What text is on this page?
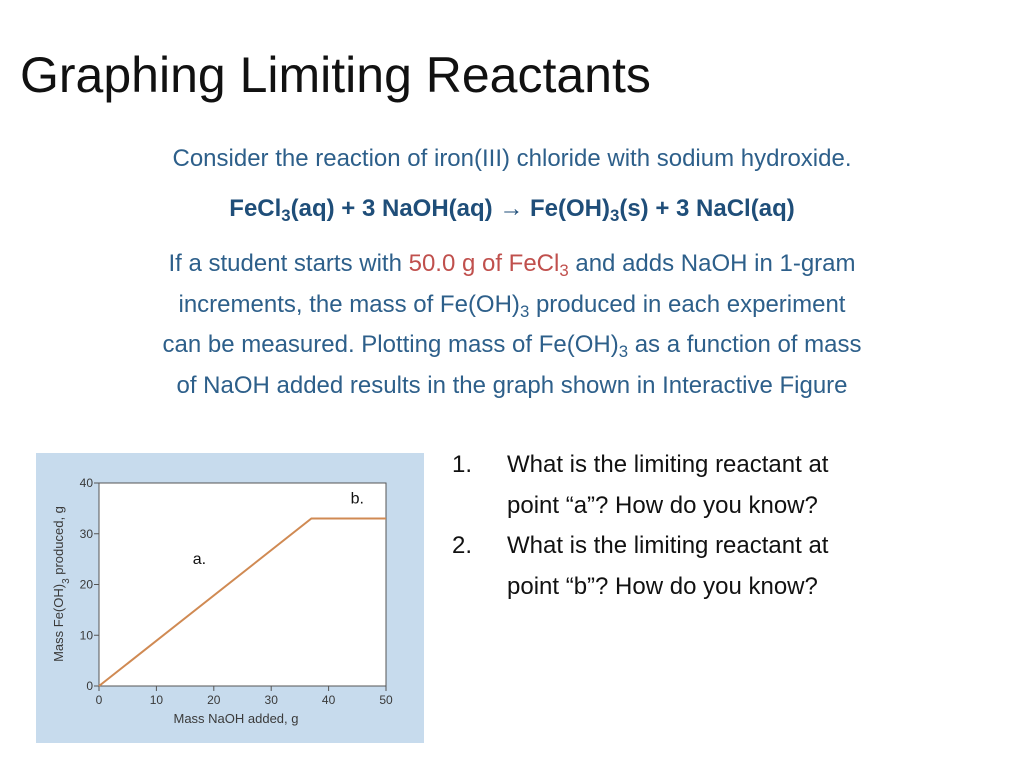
Graphing Limiting Reactants
Consider the reaction of iron(III) chloride with sodium hydroxide.
FeCl$_3$(aq) + 3 NaOH(aq) → $Fe(OH)_3(s) + 3$ NaCl(aq)
If a student starts with 50.0 g of FeCl$_3$ and adds NaOH in 1-gram
increments, the mass of $Fe(OH)_3$ produced in each experiment
can be measured. Plotting mass of $Fe(OH)_3$ as a function of mass
of NaOH added results in the graph shown in Interactive Figure
0
10
20
30
40
0	10	20	30	40	50
Mass NaOH added, g
Mass $Fe(OH)_3$ produced, g	a.
b.
1. What is the limiting reactant at
point “a”? How do you know?
2. What is the limiting reactant at
point “b”? How do you know?
